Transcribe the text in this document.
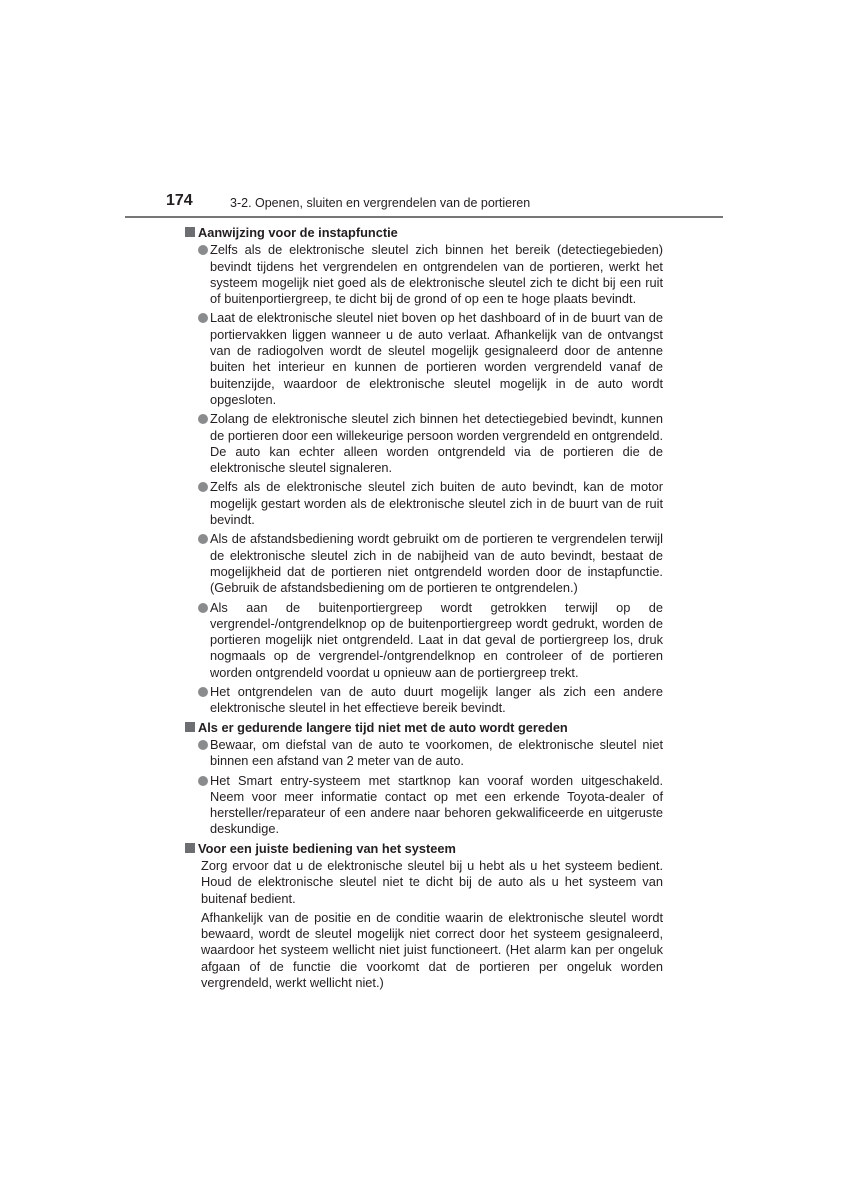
174	3-2. Openen, sluiten en vergrendelen van de portieren
Aanwijzing voor de instapfunctie
Zelfs als de elektronische sleutel zich binnen het bereik (detectiegebieden) bevindt tijdens het vergrendelen en ontgrendelen van de portieren, werkt het systeem mogelijk niet goed als de elektronische sleutel zich te dicht bij een ruit of buitenportiergreep, te dicht bij de grond of op een te hoge plaats bevindt.
Laat de elektronische sleutel niet boven op het dashboard of in de buurt van de portiervakken liggen wanneer u de auto verlaat. Afhankelijk van de ontvangst van de radiogolven wordt de sleutel mogelijk gesignaleerd door de antenne buiten het interieur en kunnen de portieren worden vergrendeld vanaf de buitenzijde, waardoor de elektronische sleutel mogelijk in de auto wordt opgesloten.
Zolang de elektronische sleutel zich binnen het detectiegebied bevindt, kunnen de portieren door een willekeurige persoon worden vergrendeld en ontgrendeld. De auto kan echter alleen worden ontgrendeld via de portieren die de elektronische sleutel signaleren.
Zelfs als de elektronische sleutel zich buiten de auto bevindt, kan de motor mogelijk gestart worden als de elektronische sleutel zich in de buurt van de ruit bevindt.
Als de afstandsbediening wordt gebruikt om de portieren te vergrendelen terwijl de elektronische sleutel zich in de nabijheid van de auto bevindt, bestaat de mogelijkheid dat de portieren niet ontgrendeld worden door de instapfunctie. (Gebruik de afstandsbediening om de portieren te ontgrendelen.)
Als aan de buitenportiergreep wordt getrokken terwijl op de vergrendel-/ontgrendelknop op de buitenportiergreep wordt gedrukt, worden de portieren mogelijk niet ontgrendeld. Laat in dat geval de portiergreep los, druk nogmaals op de vergrendel-/ontgrendelknop en controleer of de portieren worden ontgrendeld voordat u opnieuw aan de portiergreep trekt.
Het ontgrendelen van de auto duurt mogelijk langer als zich een andere elektronische sleutel in het effectieve bereik bevindt.
Als er gedurende langere tijd niet met de auto wordt gereden
Bewaar, om diefstal van de auto te voorkomen, de elektronische sleutel niet binnen een afstand van 2 meter van de auto.
Het Smart entry-systeem met startknop kan vooraf worden uitgeschakeld. Neem voor meer informatie contact op met een erkende Toyota-dealer of hersteller/reparateur of een andere naar behoren gekwalificeerde en uitgeruste deskundige.
Voor een juiste bediening van het systeem
Zorg ervoor dat u de elektronische sleutel bij u hebt als u het systeem bedient. Houd de elektronische sleutel niet te dicht bij de auto als u het systeem van buitenaf bedient.
Afhankelijk van de positie en de conditie waarin de elektronische sleutel wordt bewaard, wordt de sleutel mogelijk niet correct door het systeem gesignaleerd, waardoor het systeem wellicht niet juist functioneert. (Het alarm kan per ongeluk afgaan of de functie die voorkomt dat de portieren per ongeluk worden vergrendeld, werkt wellicht niet.)
